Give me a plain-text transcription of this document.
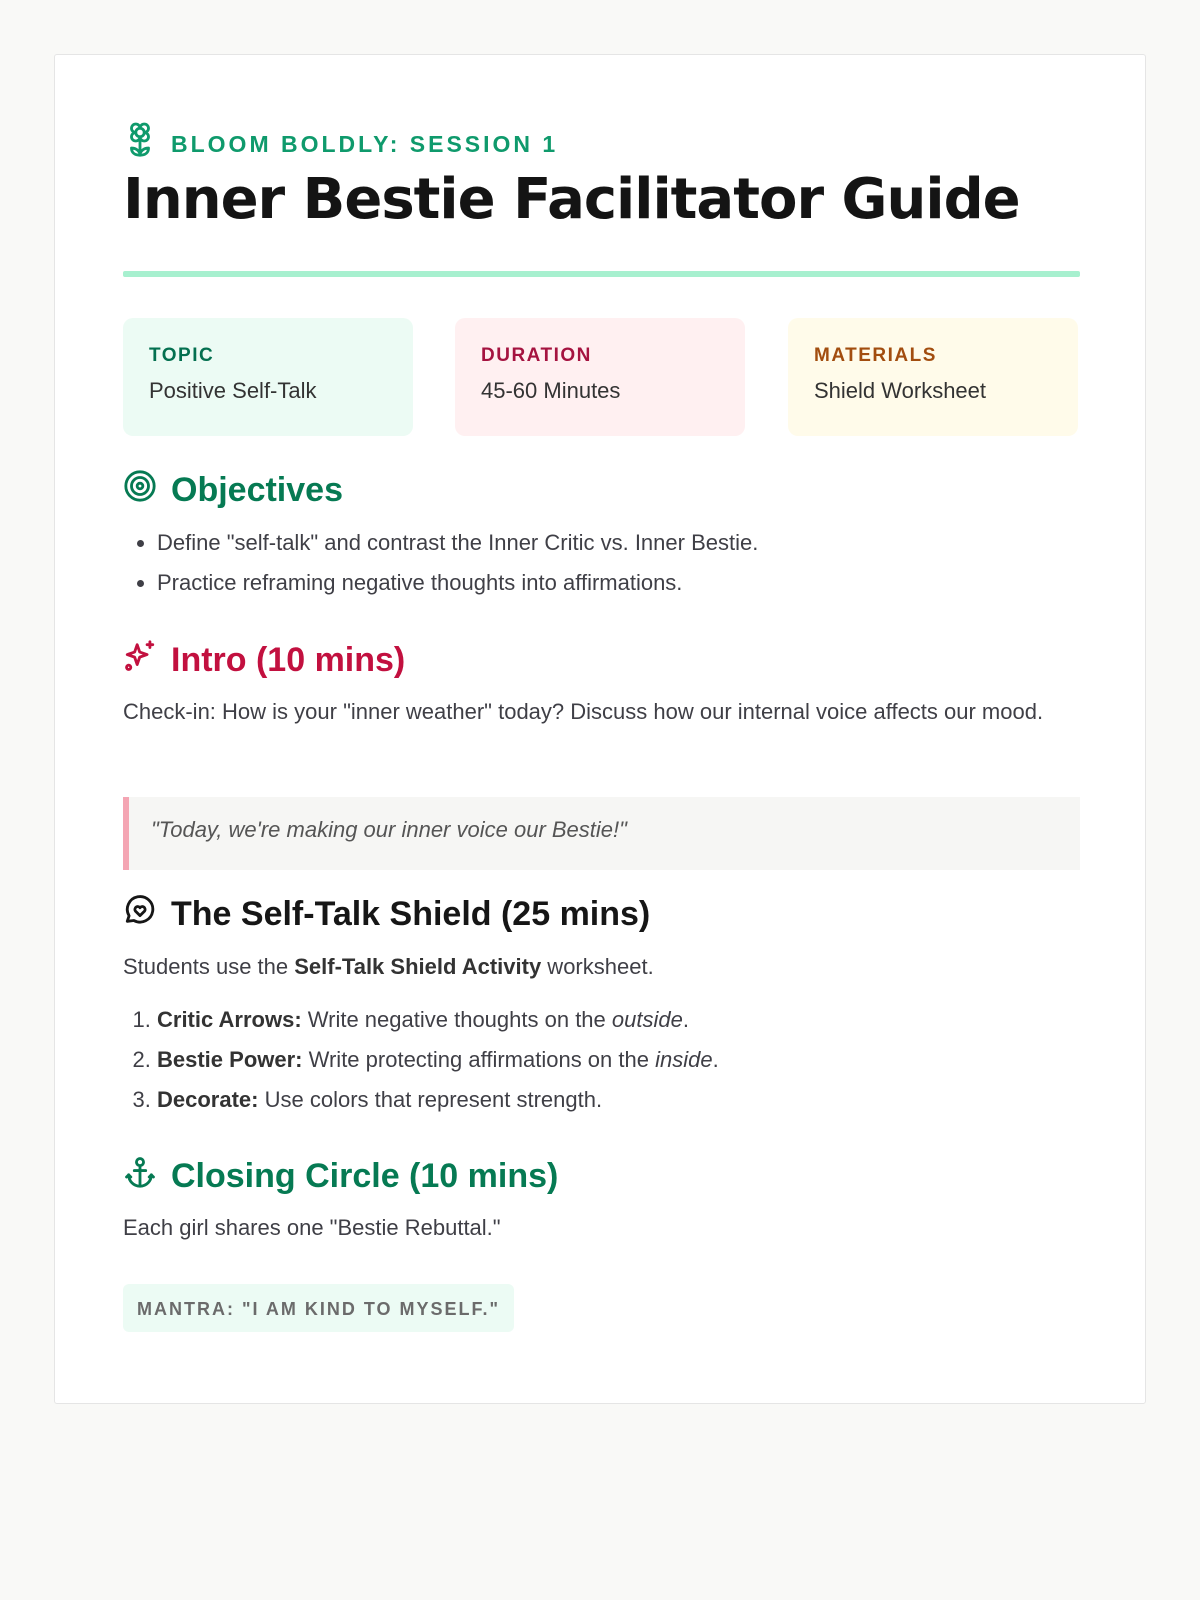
BLOOM BOLDLY: SESSION 1
Inner Bestie Facilitator Guide
TOPIC
Positive Self-Talk
DURATION
45-60 Minutes
MATERIALS
Shield Worksheet
Objectives
• Define "self-talk" and contrast the Inner Critic vs. Inner Bestie.
• Practice reframing negative thoughts into affirmations.
Intro (10 mins)

Check-in: How is your "inner weather" today? Discuss how our internal voice affects our mood.

"Today, we're making our inner voice our Bestie!"
The Self-Talk Shield (25 mins)

Students use the Self-Talk Shield Activity worksheet.

1. Critic Arrows: Write negative thoughts on the outside.
2. Bestie Power: Write protecting affirmations on the inside.
3. Decorate: Use colors that represent strength.
Closing Circle (10 mins)

Each girl shares one "Bestie Rebuttal."

MANTRA: "I AM KIND TO MYSELF."
